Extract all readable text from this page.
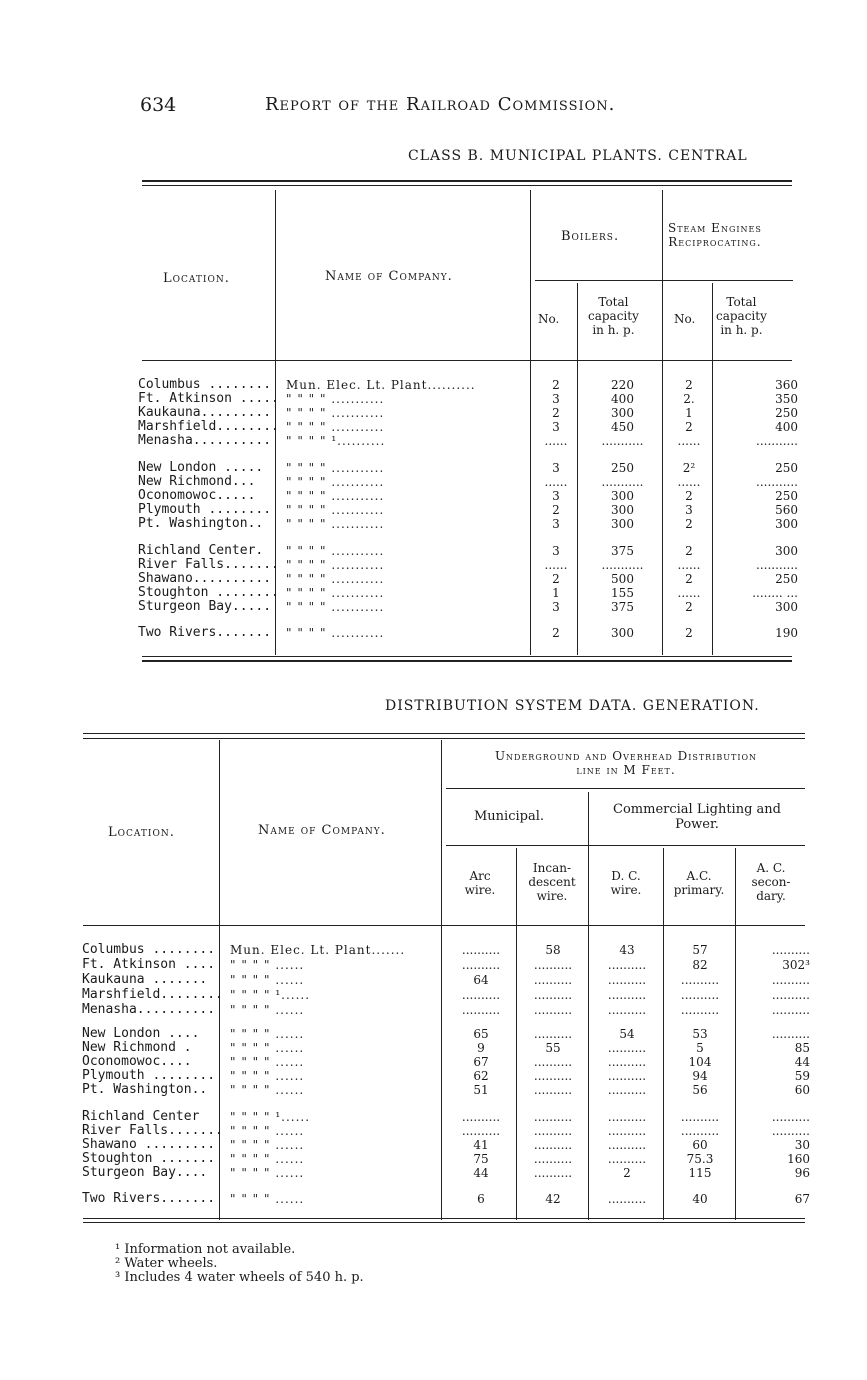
634	Report of the Railroad Commission.
CLASS B. MUNICIPAL PLANTS. CENTRAL
Location.	Name of Company.
Boilers.
Steam Engines
Reciprocating.
No.
Total
capacity
in h. p.
No.
Total
capacity
in h. p.
Columbus ........ Mun. Elec. Lt. Plant..........	2	220	2	360
Ft. Atkinson ..... " " " " ...........	3	400	2.	350
Kaukauna......... " " " " ...........	2	300	1	250
Marshfield........ " " " " ...........	3	450	2	400
Menasha.......... " " " " ¹..........	......	...........	......	...........
New London ..... " " " " ...........	3	250	2²	250
New Richmond...	" " " " ...........	......	...........	......	...........
Oconomowoc.....	" " " " ...........	3	300	2	250
Plymouth ........ " " " " ...........	2	300	3	560
Pt. Washington.. " " " " ...........	3	300	2	300
Richland Center. " " " " ...........	3	375	2	300
River Falls....... " " " " ...........	......	...........	......	...........
Shawano.......... " " " " ...........	2	500	2	250
Stoughton ........ " " " " ...........	1	155	......	........ ...
Sturgeon Bay..... " " " " ...........	3	375	2	300
Two Rivers....... " " " " ...........	2	300	2	190
DISTRIBUTION SYSTEM DATA. GENERATION.
Location.	Name of Company.
Underground and Overhead Distribution
line in M Feet.
Municipal.	Commercial Lighting and
Power.
Arc
wire.
Incan-
descent
wire.
D. C.
wire.
A.C.
primary.
A. C.
secon-
dary.
Columbus ........ Mun. Elec. Lt. Plant.......	..........	58	43	57	..........
Ft. Atkinson .... " " " " ......	..........	..........	..........	82	302³
Kaukauna ....... " " " " ......	64	..........	..........	..........	..........
Marshfield........ " " " " ¹......	..........	..........	..........	..........	..........
Menasha.......... " " " " ......	..........	..........	..........	..........	..........
New London ....	" " " " ......	65	..........	54	53	..........
New Richmond .	" " " " ......	9	55	..........	5	85
Oconomowoc....	" " " " ......	67	..........	..........	104	44
Plymouth ........ " " " " ......	62	..........	..........	94	59
Pt. Washington.. " " " " ......	51	..........	..........	56	60
Richland Center	" " " " ¹......	..........	..........	..........	..........	..........
River Falls....... " " " " ......	..........	..........	..........	..........	..........
Shawano ......... " " " " ......	41	..........	..........	60	30
Stoughton ....... " " " " ......	75	..........	..........	75.3	160
Sturgeon Bay.... " " " " ......	44	..........	2	115	96
Two Rivers....... " " " " ......	6	42	..........	40	67
¹ Information not available.
² Water wheels.
³ Includes 4 water wheels of 540 h. p.
